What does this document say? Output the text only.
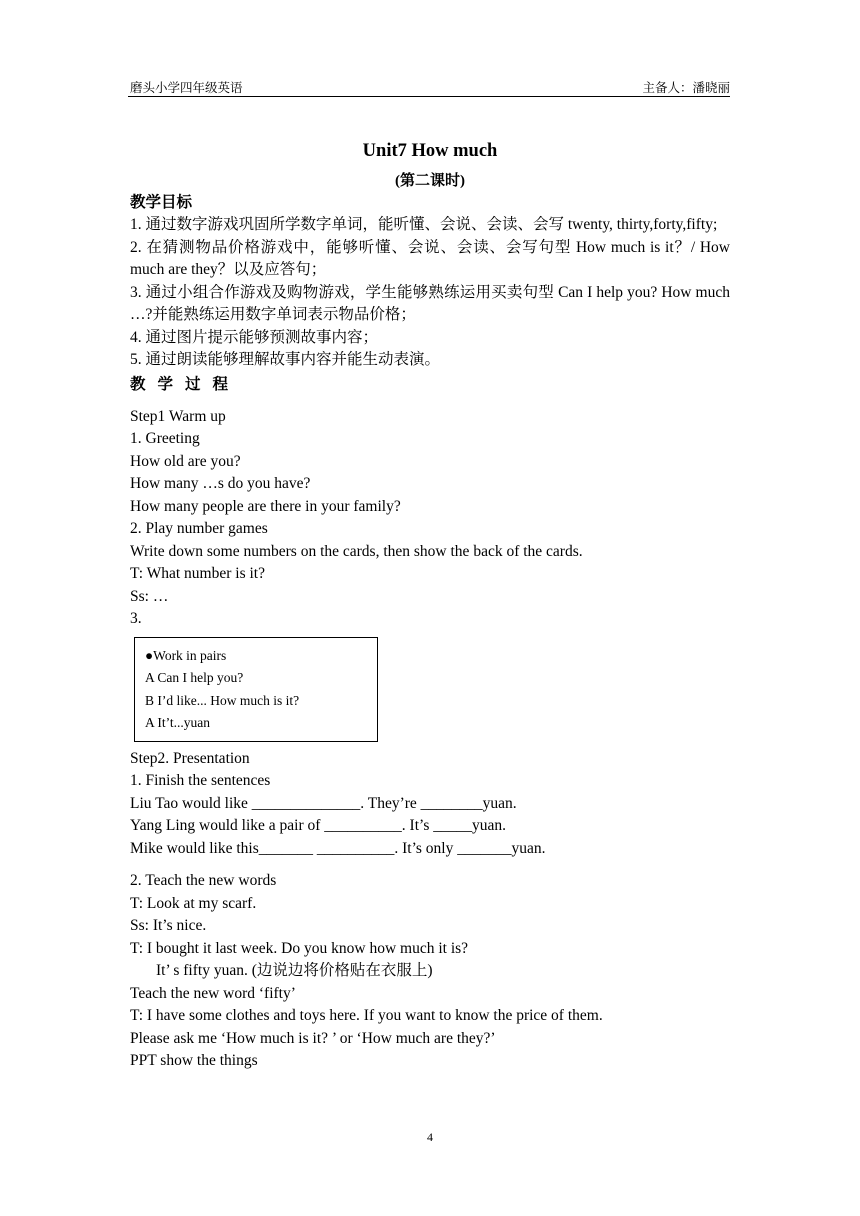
磨头小学四年级英语	主备人：潘晓丽
Unit7 How much
(第二课时)
教学目标
1. 通过数字游戏巩固所学数字单词，能听懂、会说、会读、会写 twenty, thirty,forty,fifty;
2. 在猜测物品价格游戏中，能够听懂、会说、会读、会写句型 How much is it？/ How much are they？以及应答句；
3. 通过小组合作游戏及购物游戏，学生能够熟练运用买卖句型 Can I help you? How much …?并能熟练运用数字单词表示物品价格；
4. 通过图片提示能够预测故事内容；
5. 通过朗读能够理解故事内容并能生动表演。
教学过程
Step1 Warm up
1. Greeting
How old are you?
How many …s do you have?
How many people are there in your family?
2. Play number games
Write down some numbers on the cards, then show the back of the cards.
T: What number is it?
Ss: …
3.
●Work in pairs
A Can I help you?
B I’d like... How much is it?
A It’t...yuan
Step2. Presentation
1. Finish the sentences
Liu Tao would like ______________. They’re ________yuan.
Yang Ling would like a pair of __________. It’s _____yuan.
Mike would like this_______ __________. It’s only _______yuan.
2. Teach the new words
T: Look at my scarf.
Ss: It’s nice.
T: I bought it last week. Do you know how much it is?
It’ s fifty yuan. (边说边将价格贴在衣服上)
Teach the new word ‘fifty’
T: I have some clothes and toys here. If you want to know the price of them.
Please ask me ‘How much is it? ’ or ‘How much are they?’
PPT show the things
4
